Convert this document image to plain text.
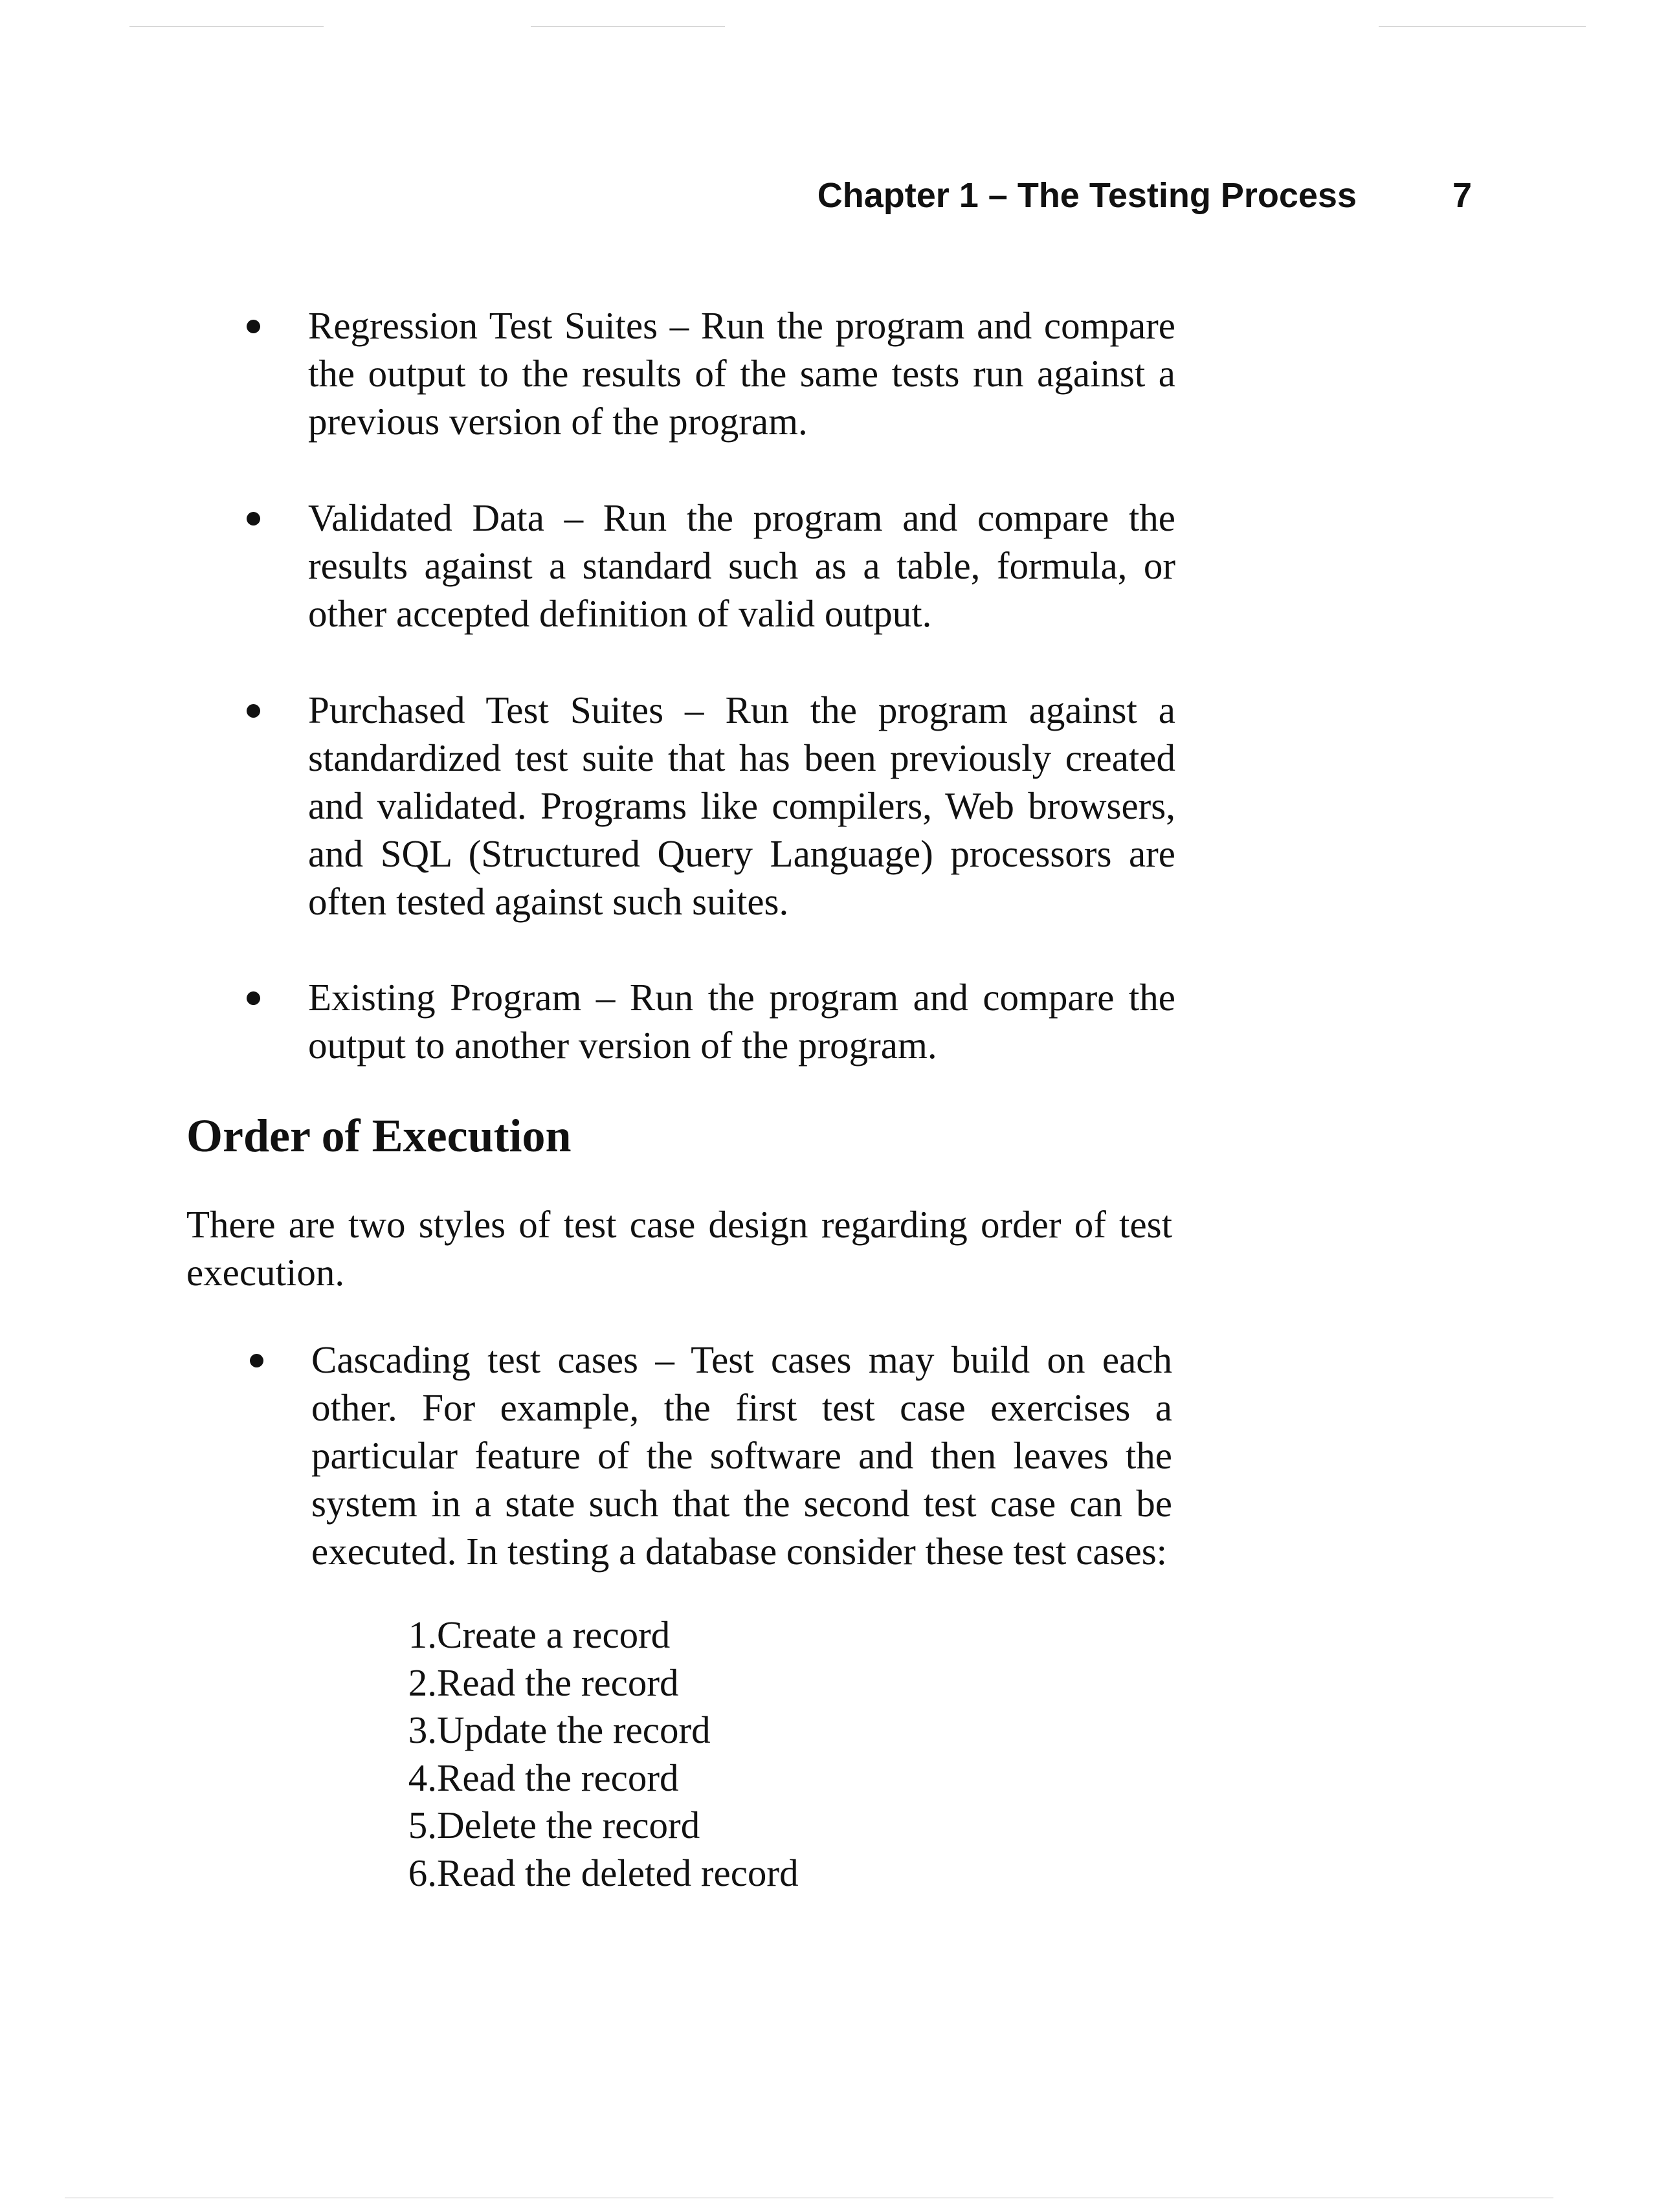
Chapter 1 – The Testing Process	7

Regression Test Suites – Run the program and compare the output to the results of the same tests run against a previous version of the program.

Validated Data – Run the program and compare the results against a standard such as a table, formula, or other accepted definition of valid output.

Purchased Test Suites – Run the program against a standardized test suite that has been previously created and validated. Programs like compilers, Web browsers, and SQL (Structured Query Language) processors are often tested against such suites.

Existing Program – Run the program and compare the output to another version of the program.

Order of Execution

There are two styles of test case design regarding order of test execution.

Cascading test cases – Test cases may build on each other. For example, the first test case exercises a particular feature of the software and then leaves the system in a state such that the second test case can be executed. In testing a database consider these test cases:

1. Create a record
2. Read the record
3. Update the record
4. Read the record
5. Delete the record
6. Read the deleted record
